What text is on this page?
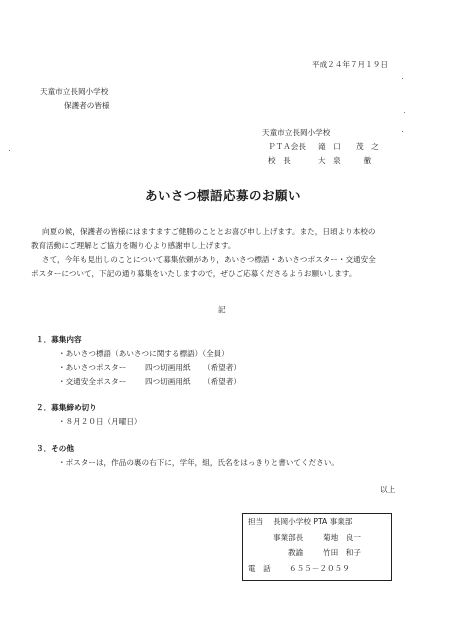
平成２４年７月１９日
天童市立長岡小学校
保護者の皆様
天童市立長岡小学校
ＰＴＡ会長 滝　口　　茂　之
校　長	大　泉　　　徹
あいさつ標語応募のお願い
向夏の候，保護者の皆様にはますますご健勝のこととお喜び申し上げます。また，日頃より本校の
教育活動にご理解とご協力を賜り心より感謝申し上げます。
さて，今年も見出しのことについて募集依頼があり，あいさつ標語・あいさつポスター・交通安全
ポスターについて，下記の通り募集をいたしますので，ぜひご応募くださるようお願いします。
記
１．募集内容
・あいさつ標語（あいさつに関する標語）（全員）
・あいさつポスター 四つ切画用紙 （希望者）
・交通安全ポスター 四つ切画用紙 （希望者）
２．募集締め切り
・８月２０日（月曜日）
３．その他
・ポスターは，作品の裏の右下に，学年，組，氏名をはっきりと書いてください。
以上
担当 長岡小学校 PTA 事業部
事業部長	菊地　良一
教諭	竹田　和子
電　話 ６５５－２０５９
